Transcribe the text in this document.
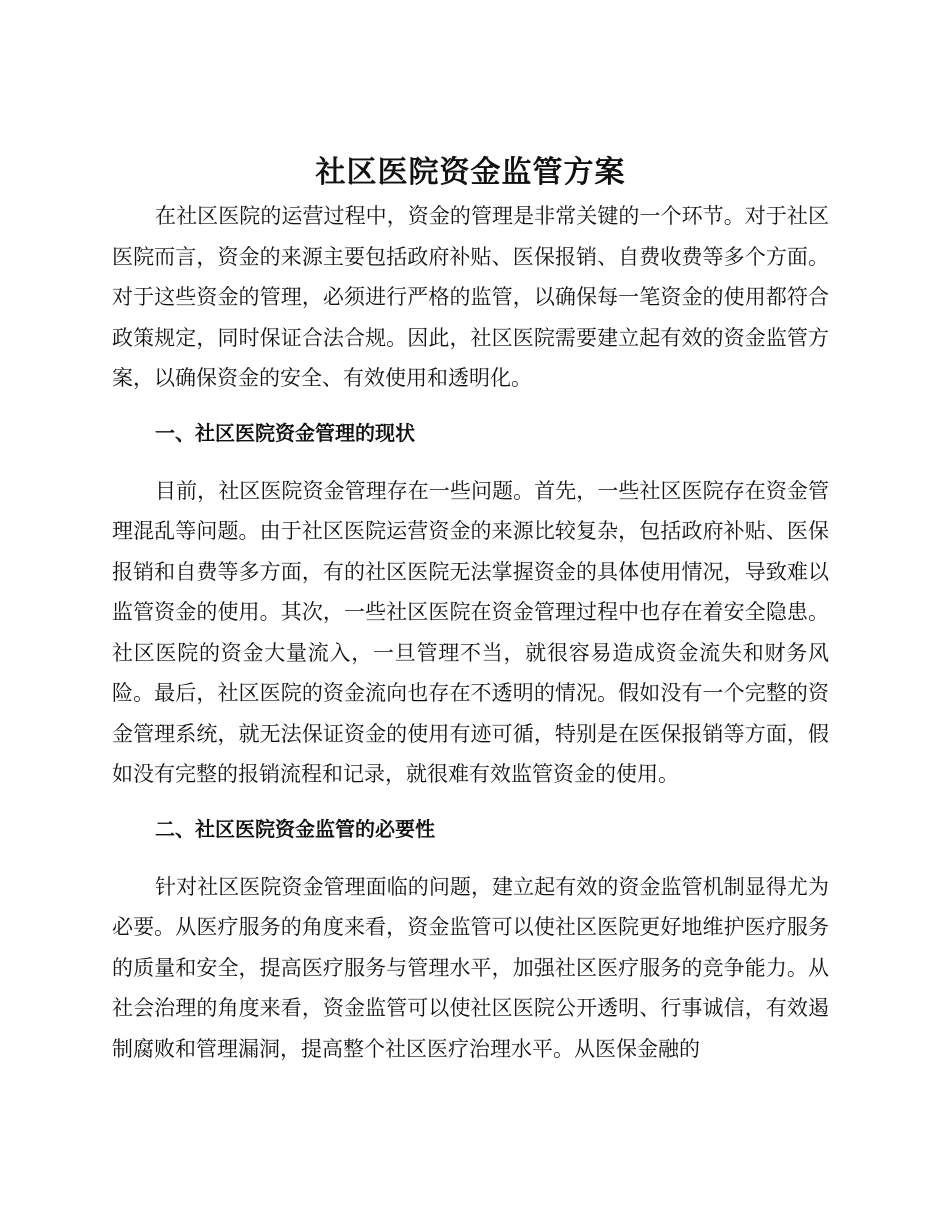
社区医院资金监管方案

在社区医院的运营过程中，资金的管理是非常关键的一个环节。对于社区医院而言，资金的来源主要包括政府补贴、医保报销、自费收费等多个方面。对于这些资金的管理，必须进行严格的监管，以确保每一笔资金的使用都符合政策规定，同时保证合法合规。因此，社区医院需要建立起有效的资金监管方案，以确保资金的安全、有效使用和透明化。

一、社区医院资金管理的现状

目前，社区医院资金管理存在一些问题。首先，一些社区医院存在资金管理混乱等问题。由于社区医院运营资金的来源比较复杂，包括政府补贴、医保报销和自费等多方面，有的社区医院无法掌握资金的具体使用情况，导致难以监管资金的使用。其次，一些社区医院在资金管理过程中也存在着安全隐患。社区医院的资金大量流入，一旦管理不当，就很容易造成资金流失和财务风险。最后，社区医院的资金流向也存在不透明的情况。假如没有一个完整的资金管理系统，就无法保证资金的使用有迹可循，特别是在医保报销等方面，假如没有完整的报销流程和记录，就很难有效监管资金的使用。

二、社区医院资金监管的必要性

针对社区医院资金管理面临的问题，建立起有效的资金监管机制显得尤为必要。从医疗服务的角度来看，资金监管可以使社区医院更好地维护医疗服务的质量和安全，提高医疗服务与管理水平，加强社区医疗服务的竞争能力。从社会治理的角度来看，资金监管可以使社区医院公开透明、行事诚信，有效遏制腐败和管理漏洞，提高整个社区医疗治理水平。从医保金融的
